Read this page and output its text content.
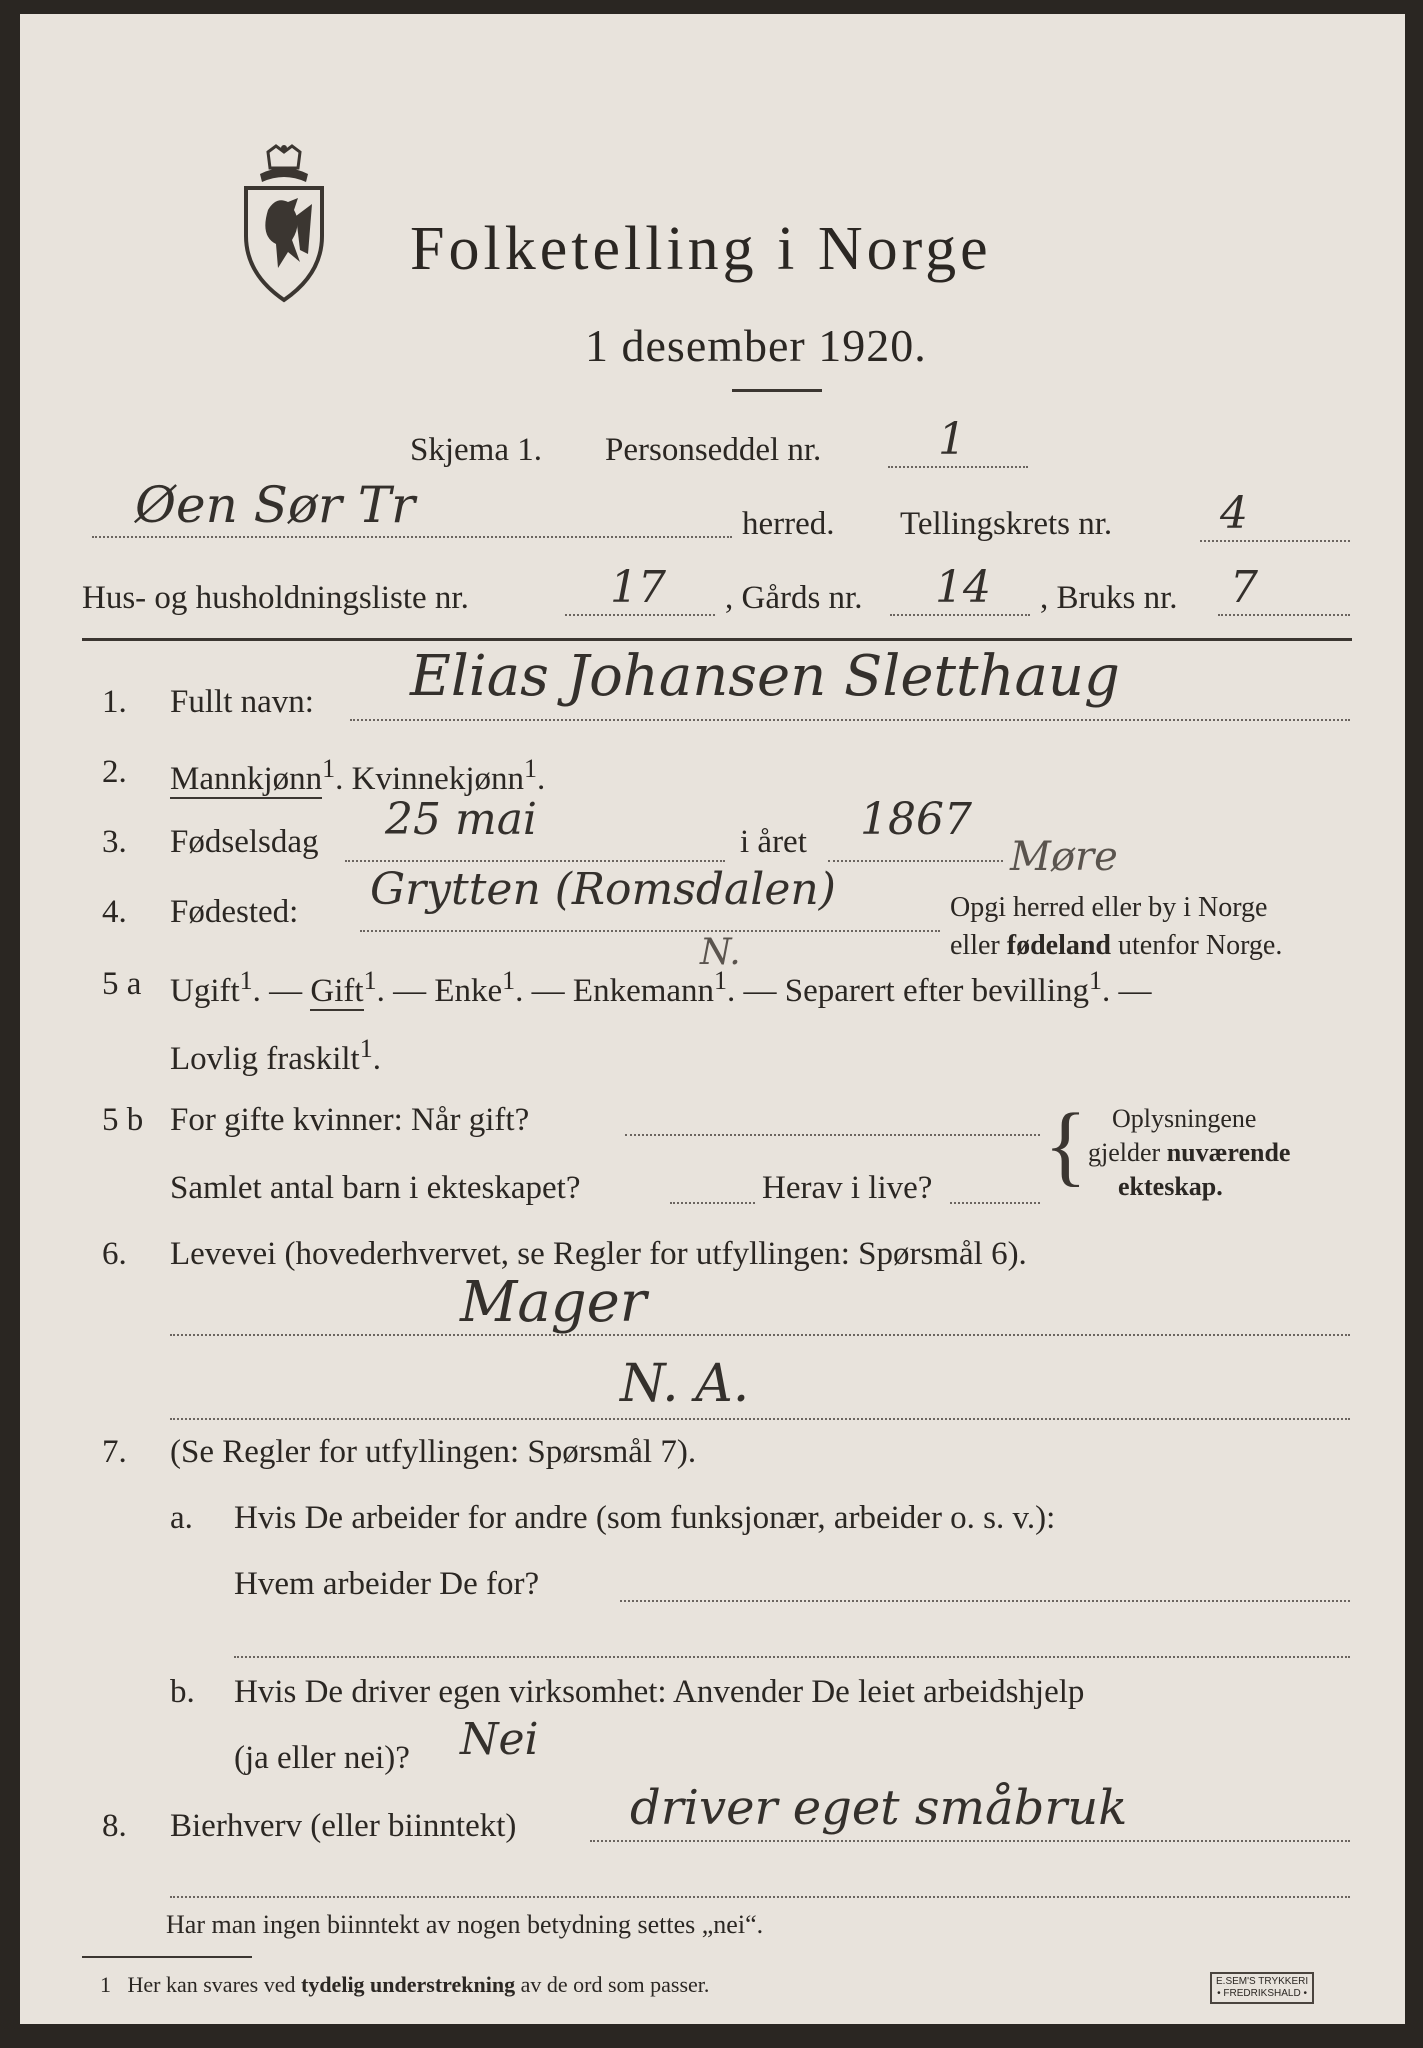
Folketelling i Norge
1 desember 1920.
Skjema 1. Personseddel nr.	1
Øen Sør Tr	herred. Tellingskrets nr. 4
Hus- og husholdningsliste nr.	17 , Gårds nr. 14 , Bruks nr. 7
1. Fullt navn: Elias Johansen Sletthaug
2. Mannkjønn$^1$. Kvinnekjønn$^1$.
3. Fødselsdag 25 mai	i året 1867
Møre
4. Fødested: Grytten (Romsdalen)
N.
Opgi herred eller by i Norge
eller fødeland utenfor Norge.
5 a Ugift$^1$. — Gift$^1$. — Enke$^1$. — Enkemann$^1$. — Separert efter bevilling$^1$. —
Lovlig fraskilt$^1$.
5 b For gifte kvinner: Når gift?
Samlet antal barn i ekteskapet?	Herav i live? { Oplysningene
gjelder nuværende
ekteskap.
6. Levevei (hovederhvervet, se Regler for utfyllingen: Spørsmål 6).
Mager
N. A.
7. (Se Regler for utfyllingen: Spørsmål 7).
a. Hvis De arbeider for andre (som funksjonær, arbeider o. s. v.):
Hvem arbeider De for?
b. Hvis De driver egen virksomhet: Anvender De leiet arbeidshjelp
(ja eller nei)? Nei
8. Bierhverv (eller biinntekt) driver eget småbruk
Har man ingen biinntekt av nogen betydning settes „nei“.
1 Her kan svares ved tydelig understrekning av de ord som passer.	E.SEM'S TRYKKERI
• FREDRIKSHALD •
